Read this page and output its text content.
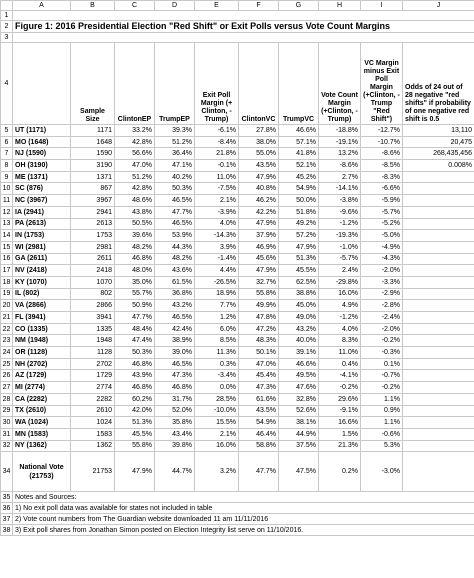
	A	B	C	D	E	F	G	H	I	J
1										
2	Figure 1: 2016 Presidential Election "Red Shift" or Exit Polls versus Vote Count Margins									
3										
4		Sample Size	ClintonEP	TrumpEP	Exit Poll Margin (+ Clinton, - Trump)	ClintonVC	TrumpVC	Vote Count Margin (+Clinton, - Trump)	VC Margin minus Exit Poll Margin (+Clinton, -Trump "Red Shift")	Odds of 24 out of 28 negative "red shifts" if probability of one negative red shift is 0.5
5	UT (1171)	1171	33.2%	39.3%	-6.1%	27.8%	46.6%	-18.8%	-12.7%	13,110
6	MO (1648)	1648	42.8%	51.2%	-8.4%	38.0%	57.1%	-19.1%	-10.7%	20,475
7	NJ (1590)	1590	56.6%	36.4%	21.8%	55.0%	41.8%	13.2%	-8.6%	268,435,456
8	OH (3190)	3190	47.0%	47.1%	-0.1%	43.5%	52.1%	-8.6%	-8.5%	0.008%
9	ME (1371)	1371	51.2%	40.2%	11.0%	47.9%	45.2%	2.7%	-8.3%	
10	SC (876)	867	42.8%	50.3%	-7.5%	40.8%	54.9%	-14.1%	-6.6%	
11	NC (3967)	3967	48.6%	46.5%	2.1%	46.2%	50.0%	-3.8%	-5.9%	
12	IA (2941)	2941	43.8%	47.7%	-3.9%	42.2%	51.8%	-9.6%	-5.7%	
13	PA (2613)	2613	50.5%	46.5%	4.0%	47.9%	49.2%	-1.2%	-5.2%	
14	IN (1753)	1753	39.6%	53.9%	-14.3%	37.9%	57.2%	-19.3%	-5.0%	
15	WI (2981)	2981	48.2%	44.3%	3.9%	46.9%	47.9%	-1.0%	-4.9%	
16	GA (2611)	2611	46.8%	48.2%	-1.4%	45.6%	51.3%	-5.7%	-4.3%	
17	NV (2418)	2418	48.0%	43.6%	4.4%	47.9%	45.5%	2.4%	-2.0%	
18	KY (1070)	1070	35.0%	61.5%	-26.5%	32.7%	62.5%	-29.8%	-3.3%	
19	IL (802)	802	55.7%	36.8%	18.9%	55.8%	38.8%	16.0%	-2.9%	
20	VA (2866)	2866	50.9%	43.2%	7.7%	49.9%	45.0%	4.9%	-2.8%	
21	FL (3941)	3941	47.7%	46.5%	1.2%	47.8%	49.0%	-1.2%	-2.4%	
22	CO (1335)	1335	48.4%	42.4%	6.0%	47.2%	43.2%	4.0%	-2.0%	
23	NM (1948)	1948	47.4%	38.9%	8.5%	48.3%	40.0%	8.3%	-0.2%	
24	OR (1128)	1128	50.3%	39.0%	11.3%	50.1%	39.1%	11.0%	-0.3%	
25	NH (2702)	2702	46.8%	46.5%	0.3%	47.0%	46.6%	0.4%	0.1%	
26	AZ (1729)	1729	43.9%	47.3%	-3.4%	45.4%	49.5%	-4.1%	-0.7%	
27	MI (2774)	2774	46.8%	46.8%	0.0%	47.3%	47.6%	-0.2%	-0.2%	
28	CA (2282)	2282	60.2%	31.7%	28.5%	61.6%	32.8%	29.6%	1.1%	
29	TX (2610)	2610	42.0%	52.0%	-10.0%	43.5%	52.6%	-9.1%	0.9%	
30	WA (1024)	1024	51.3%	35.8%	15.5%	54.9%	38.1%	16.6%	1.1%	
31	MN (1583)	1583	45.5%	43.4%	2.1%	46.4%	44.9%	1.5%	-0.6%	
32	NY (1362)	1362	55.8%	39.8%	16.0%	58.8%	37.5%	21.3%	5.3%	
34	National Vote (21753)	21753	47.9%	44.7%	3.2%	47.7%	47.5%	0.2%	-3.0%	
35	Notes and Sources:									
36	1) No exit poll data was available for states not included in table									
37	2) Vote count numbers from The Guardian website downloaded 11 am 11/11/2016									
38	3) Exit poll shares from Jonathan Simon posted on Election Integrity list serve on 11/10/2016.									
